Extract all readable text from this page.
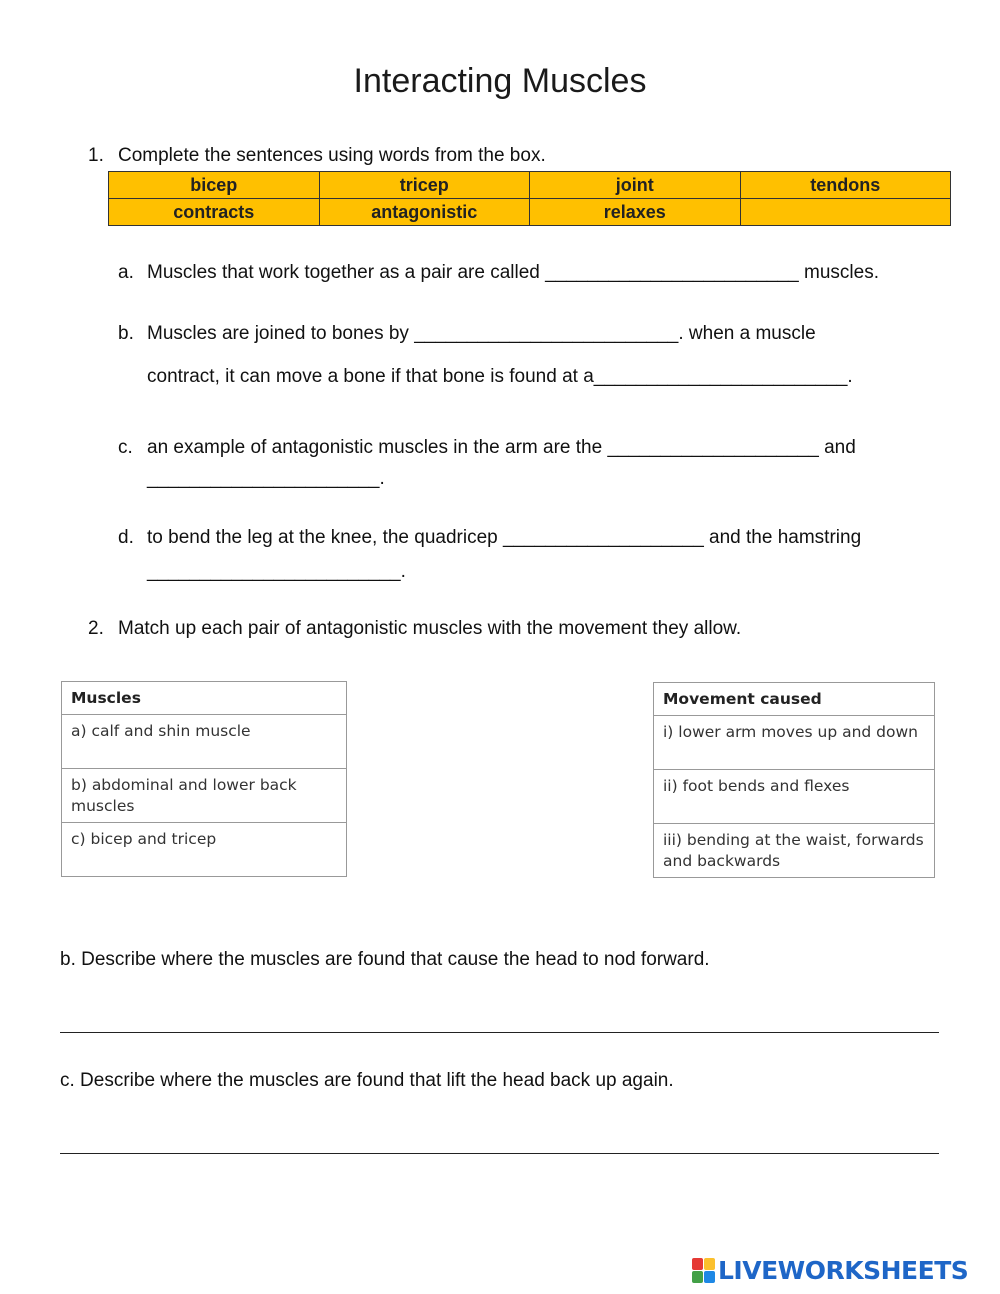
Interacting Muscles
1. Complete the sentences using words from the box.
bicep	tricep	joint	tendons
contracts	antagonistic	relaxes	
a. Muscles that work together as a pair are called ________________________ muscles.
b. Muscles are joined to bones by _________________________. when a muscle
contract, it can move a bone if that bone is found at a________________________.
c. an example of antagonistic muscles in the arm are the ____________________ and
______________________.
d. to bend the leg at the knee, the quadricep ___________________ and the hamstring
________________________.
2. Match up each pair of antagonistic muscles with the movement they allow.
Muscles
a) calf and shin muscle
b) abdominal and lower back muscles
c) bicep and tricep
Movement caused
i) lower arm moves up and down
ii) foot bends and flexes
iii) bending at the waist, forwards and backwards
b. Describe where the muscles are found that cause the head to nod forward.
c. Describe where the muscles are found that lift the head back up again.
LIVEWORKSHEETS
